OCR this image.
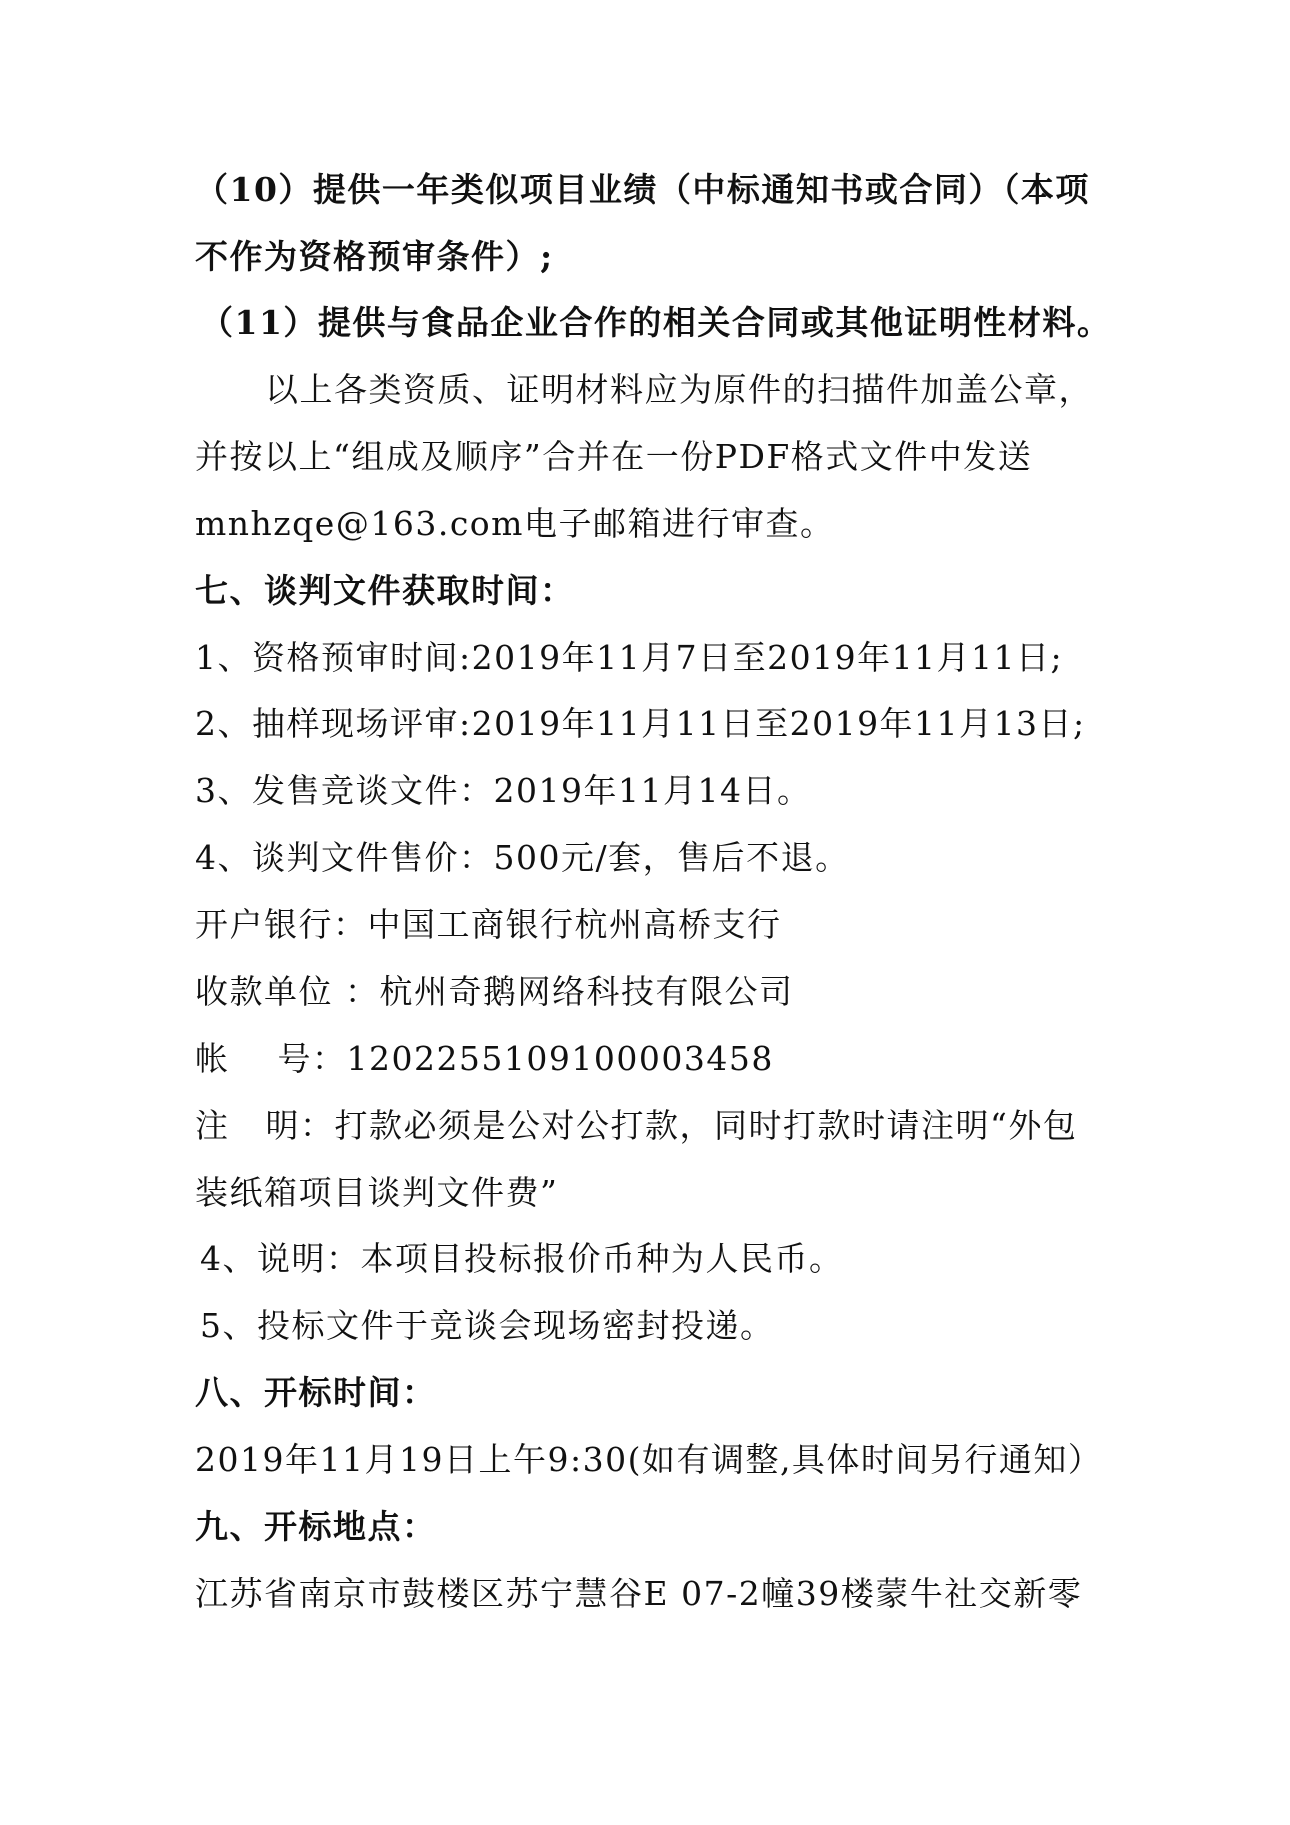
（10）提供一年类似项目业绩（中标通知书或合同）（本项
不作为资格预审条件）;
（11）提供与食品企业合作的相关合同或其他证明性材料。
以上各类资质、证明材料应为原件的扫描件加盖公章，
并按以上“组成及顺序”合并在一份PDF格式文件中发送
mnhzqe@163.com电子邮箱进行审查。
七、谈判文件获取时间：
1、资格预审时间:2019年11月7日至2019年11月11日;
2、抽样现场评审:2019年11月11日至2019年11月13日;
3、发售竞谈文件：2019年11月14日。
4、谈判文件售价：500元/套，售后不退。
开户银行：中国工商银行杭州高桥支行
收款单位 ：杭州奇鹅网络科技有限公司
帐    号：1202255109100003458
注   明：打款必须是公对公打款，同时打款时请注明“外包
装纸箱项目谈判文件费”
4、说明：本项目投标报价币种为人民币。
5、投标文件于竞谈会现场密封投递。
八、开标时间：
2019年11月19日上午9:30(如有调整,具体时间另行通知）
九、开标地点：
江苏省南京市鼓楼区苏宁慧谷E 07-2幢39楼蒙牛社交新零
